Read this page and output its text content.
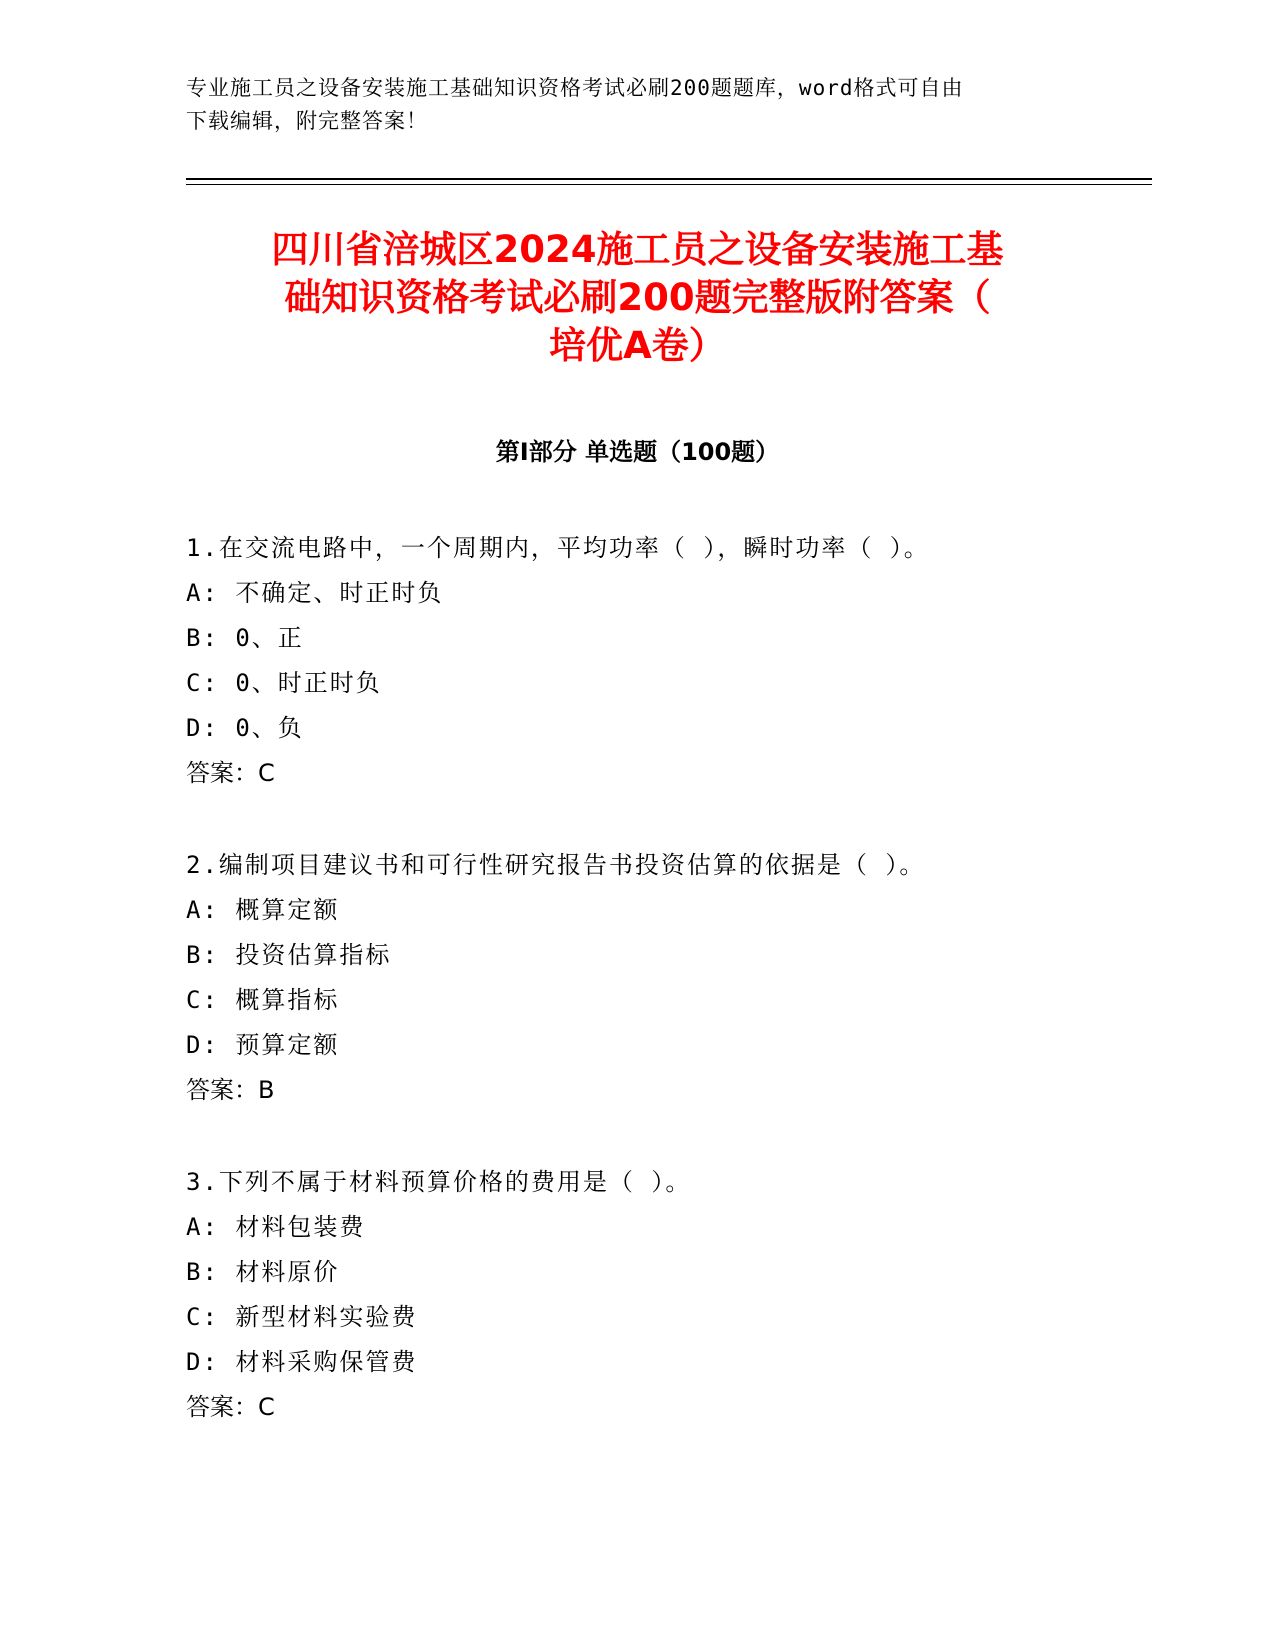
专业施工员之设备安装施工基础知识资格考试必刷200题题库，word格式可自由
下载编辑，附完整答案！
四川省涪城区2024施工员之设备安装施工基
础知识资格考试必刷200题完整版附答案（
培优A卷）
第Ⅰ部分 单选题（100题）
1.在交流电路中，一个周期内，平均功率（ ），瞬时功率（ ）。
A: 不确定、时正时负
B: 0、正
C: 0、时正时负
D: 0、负
答案：C
2.编制项目建议书和可行性研究报告书投资估算的依据是（ ）。
A: 概算定额
B: 投资估算指标
C: 概算指标
D: 预算定额
答案：B
3.下列不属于材料预算价格的费用是（ ）。
A: 材料包装费
B: 材料原价
C: 新型材料实验费
D: 材料采购保管费
答案：C
